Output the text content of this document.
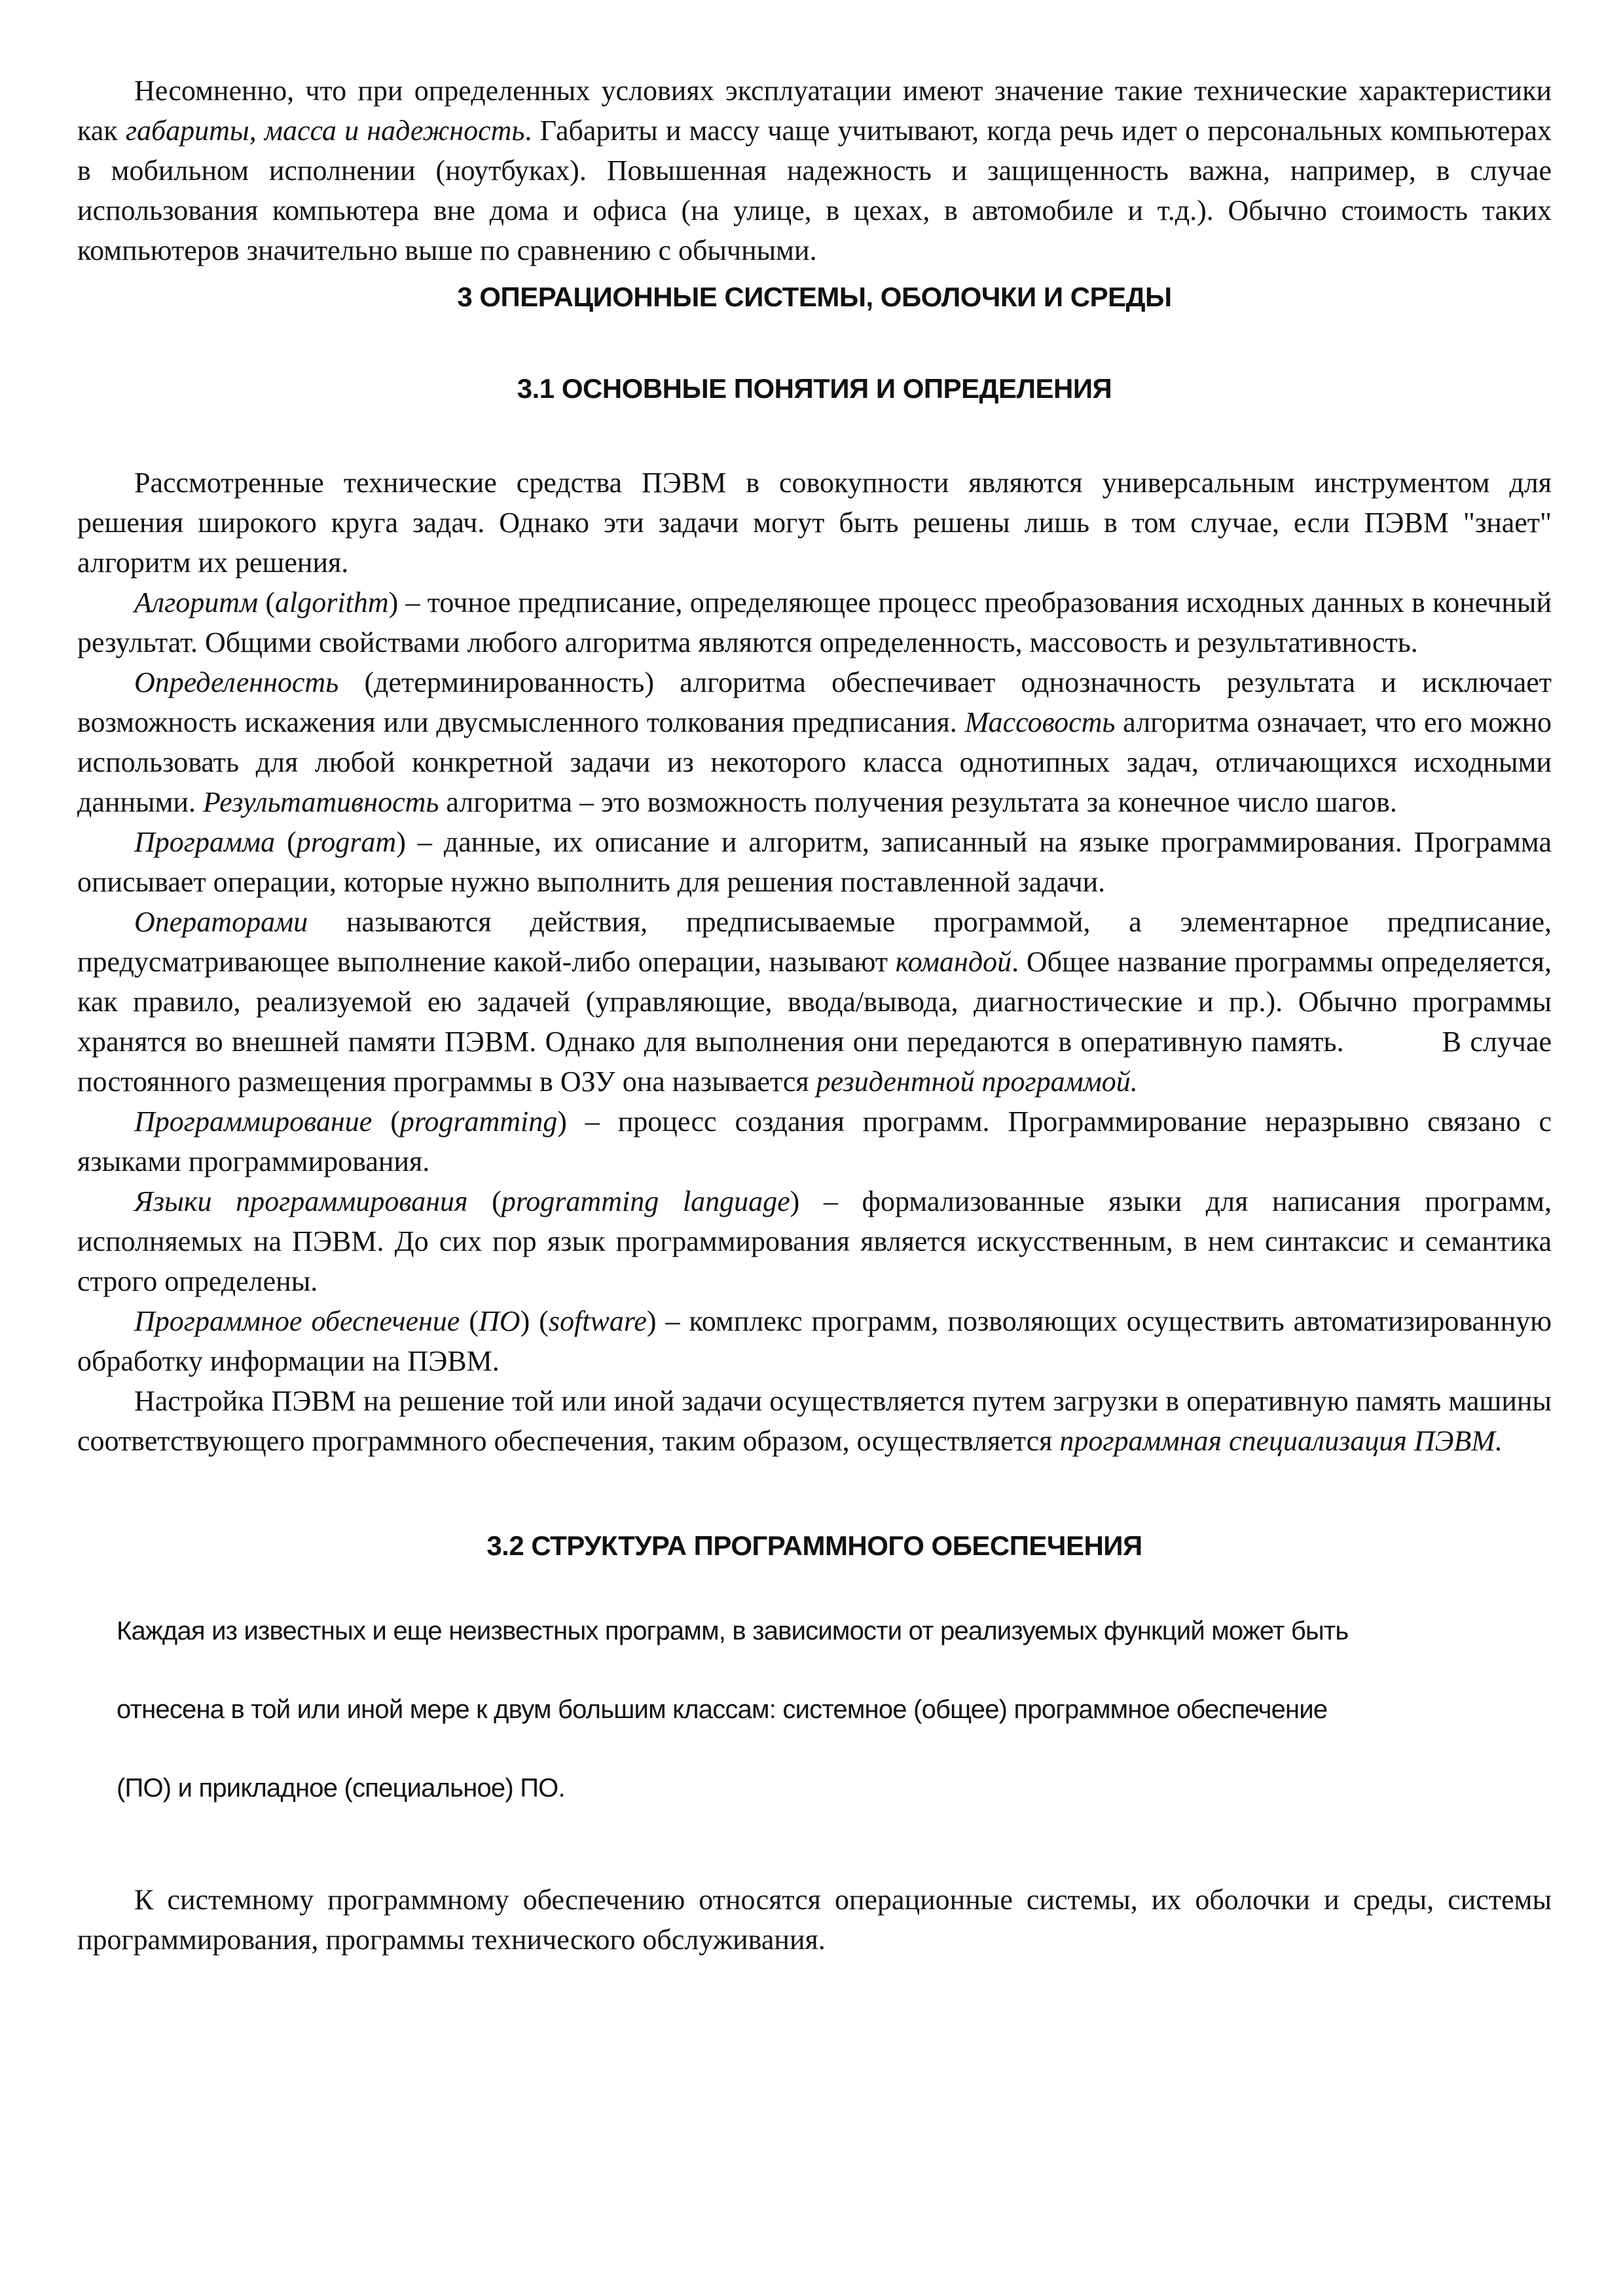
Несомненно, что при определенных условиях эксплуатации имеют значение такие технические характеристики как габариты, масса и надежность. Габариты и массу чаще учитывают, когда речь идет о персональных компьютерах в мобильном исполнении (ноутбуках). Повышенная надежность и защищенность важна, например, в случае использования компьютера вне дома и офиса (на улице, в цехах, в автомобиле и т.д.). Обычно стоимость таких компьютеров значительно выше по сравнению с обычными.

3 ОПЕРАЦИОННЫЕ СИСТЕМЫ, ОБОЛОЧКИ И СРЕДЫ
3.1 ОСНОВНЫЕ ПОНЯТИЯ И ОПРЕДЕЛЕНИЯ

Рассмотренные технические средства ПЭВМ в совокупности являются универсальным инструментом для решения широкого круга задач. Однако эти задачи могут быть решены лишь в том случае, если ПЭВМ "знает" алгоритм их решения.

Алгоритм (algorithm) – точное предписание, определяющее процесс преобразования исходных данных в конечный результат. Общими свойствами любого алгоритма являются определенность, массовость и результативность.

Определенность (детерминированность) алгоритма обеспечивает однозначность результата и исключает возможность искажения или двусмысленного толкования предписания. Массовость алгоритма означает, что его можно использовать для любой конкретной задачи из некоторого класса однотипных задач, отличающихся исходными данными. Результативность алгоритма – это возможность получения результата за конечное число шагов.

Программа (prograт) – данные, их описание и алгоритм, записанный на языке программирования. Программа описывает операции, которые нужно выполнить для решения поставленной задачи.

Операторами называются действия, предписываемые программой, а элементарное предписание, предусматривающее выполнение какой-либо операции, называют командой. Общее название программы определяется, как правило, реализуемой ею задачей (управляющие, ввода/вывода, диагностические и пр.). Обычно программы хранятся во внешней памяти ПЭВМ. Однако для выполнения они передаются в оперативную память.	В случае постоянного размещения программы в ОЗУ она называется резидентной программой.

Программирование (programming) – процесс создания программ. Программирование неразрывно связано с языками программирования.

Языки программирования (programming language) – формализованные языки для написания программ, исполняемых на ПЭВМ. До сих пор язык программирования является искусственным, в нем синтаксис и семантика строго определены.

Программное обеспечение (ПО) (software) – комплекс программ, позволяющих осуществить автоматизированную обработку информации на ПЭВМ.

Настройка ПЭВМ на решение той или иной задачи осуществляется путем загрузки в оперативную память машины соответствующего программного обеспечения, таким образом, осуществляется программная специализация ПЭВМ.

3.2 СТРУКТУРА ПРОГРАММНОГО ОБЕСПЕЧЕНИЯ

Каждая из известных и еще неизвестных программ, в зависимости от реализуемых функций может быть

отнесена в той или иной мере к двум большим классам: системное (общее) программное обеспечение

(ПО) и прикладное (специальное) ПО.

К системному программному обеспечению относятся операционные системы, их оболочки и среды, системы программирования, программы технического обслуживания.
